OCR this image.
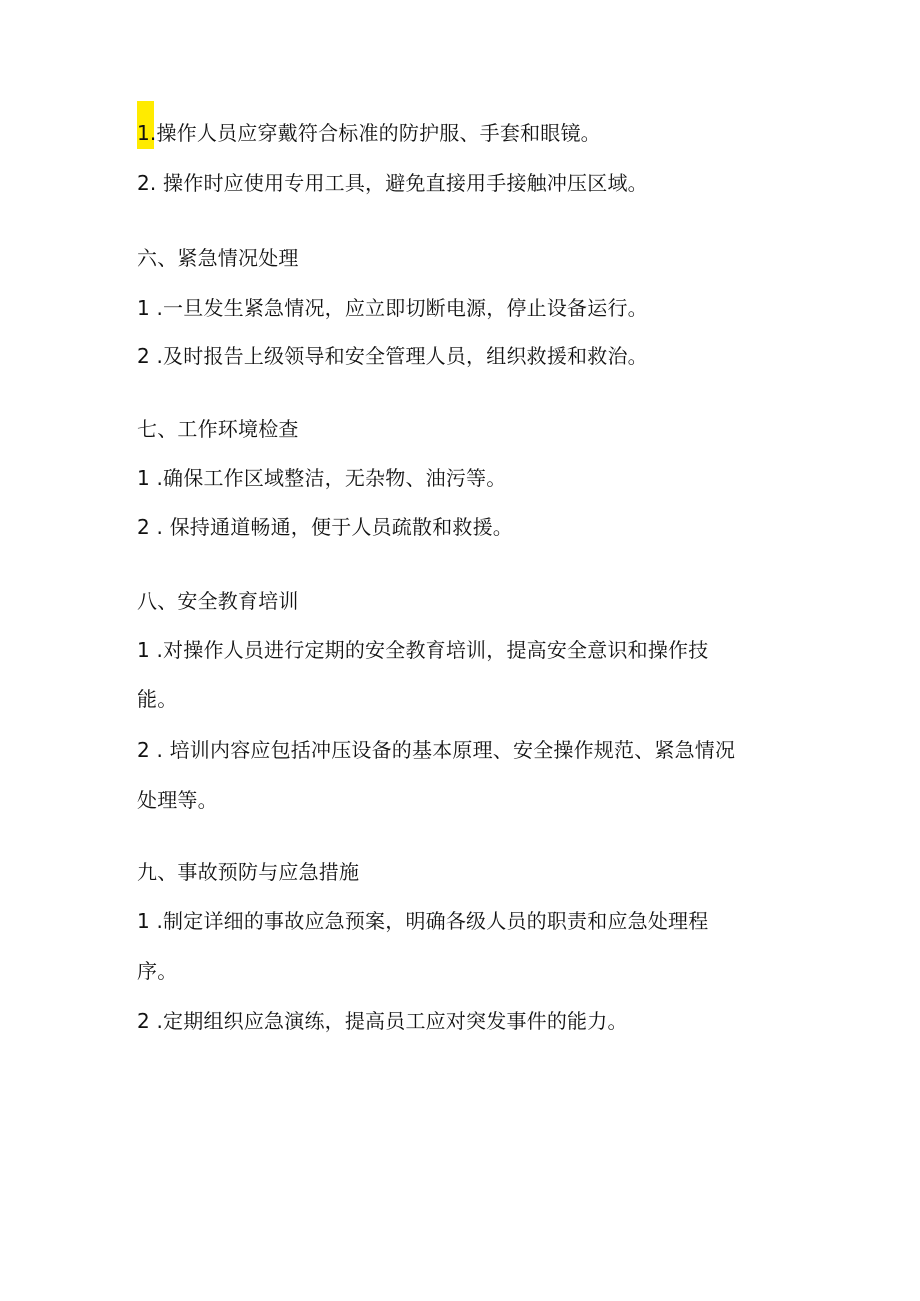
1.操作人员应穿戴符合标准的防护服、手套和眼镜。
2. 操作时应使用专用工具，避免直接用手接触冲压区域。
六、紧急情况处理
1 .一旦发生紧急情况，应立即切断电源，停止设备运行。
2 .及时报告上级领导和安全管理人员，组织救援和救治。
七、工作环境检查
1 .确保工作区域整洁，无杂物、油污等。
2 . 保持通道畅通，便于人员疏散和救援。
八、安全教育培训
1 .对操作人员进行定期的安全教育培训，提高安全意识和操作技
能。
2 . 培训内容应包括冲压设备的基本原理、安全操作规范、紧急情况
处理等。
九、事故预防与应急措施
1 .制定详细的事故应急预案，明确各级人员的职责和应急处理程
序。
2 .定期组织应急演练，提高员工应对突发事件的能力。
